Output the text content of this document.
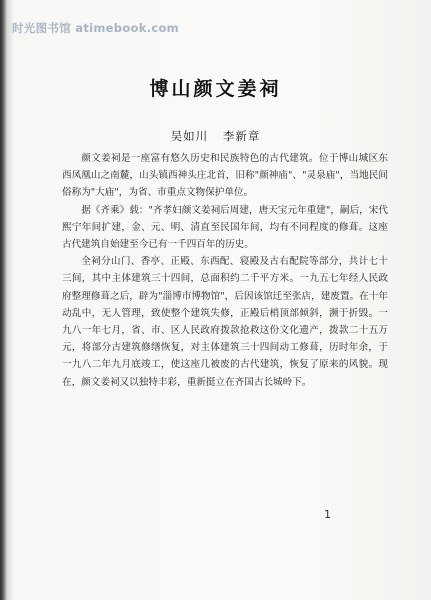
时光图书馆 atimebook.com
博山颜文姜祠
吴如川 李新章

颜文姜祠是一座富有悠久历史和民族特色的古代建筑。位于博山城区东西凤凰山之南麓，山头镇西神头庄北首，旧称"颜神庙"、"灵泉庙"，当地民间俗称为"大庙"，为省、市重点文物保护单位。

据《齐乘》载："齐孝妇颜文姜祠后周建，唐天宝元年重建"，嗣后，宋代熙宁年间扩建，金、元、明、清直至民国年间，均有不同程度的修葺。这座古代建筑自始建至今已有一千四百年的历史。

全祠分山门、香亭、正殿、东西配、寝殿及古右配院等部分，共计七十三间，其中主体建筑三十四间，总面积约二千平方米。一九五七年经人民政府整理修葺之后，辟为"淄博市博物馆"，后因该馆迁至张店，建废置。在十年动乱中，无人管理，致使整个建筑失修，正殿后梢顶部倾斜，濒于折毁。一九八一年七月，省、市、区人民政府拨款抢救这份文化遗产，拨款二十五万元，将部分古建筑修缮恢复，对主体建筑三十四间动工修葺，历时年余，于一九八二年九月底竣工，使这座几被废的古代建筑，恢复了原来的风貌。现在，颜文姜祠又以独特丰彩，重新挺立在齐国古长城岭下。

1
